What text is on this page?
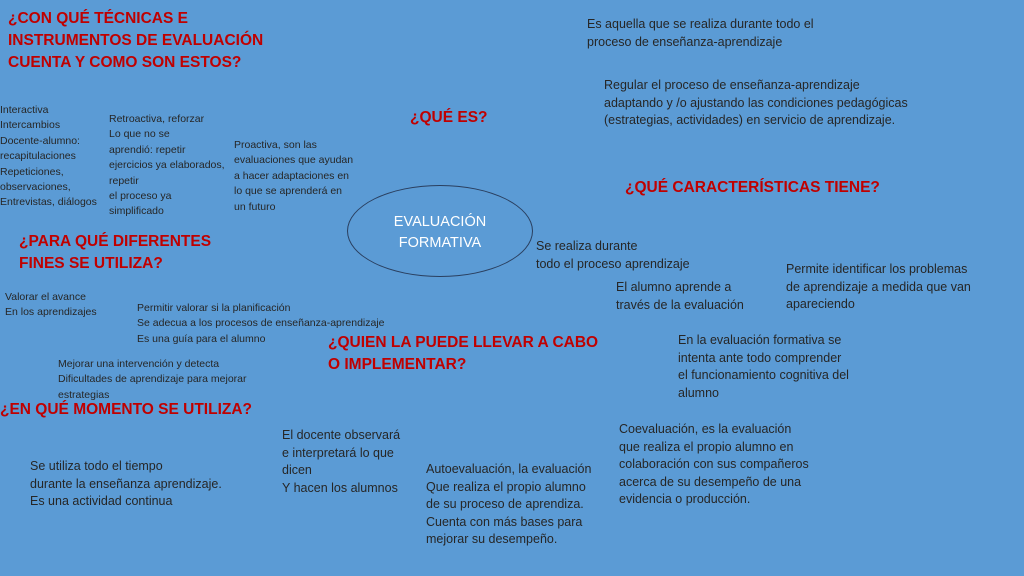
EVALUACIÓN
FORMATIVA
¿CON QUÉ TÉCNICAS E
INSTRUMENTOS DE EVALUACIÓN
CUENTA Y COMO SON ESTOS?
¿QUÉ ES?
¿QUÉ CARACTERÍSTICAS TIENE?
¿PARA QUÉ DIFERENTES
FINES SE UTILIZA?
¿QUIEN LA PUEDE LLEVAR A CABO
O IMPLEMENTAR?
¿EN QUÉ MOMENTO SE UTILIZA?
Interactiva
Intercambios
Docente-alumno:
recapitulaciones
Repeticiones,
observaciones,
Entrevistas, diálogos
Retroactiva, reforzar
Lo que no se
aprendió: repetir
ejercicios ya elaborados,
repetir
el proceso ya
simplificado
Proactiva, son las
evaluaciones que ayudan
a hacer adaptaciones en
lo que se aprenderá en
un futuro
Es aquella que se realiza durante todo el
proceso de enseñanza-aprendizaje
Regular el proceso de enseñanza-aprendizaje
adaptando y /o ajustando las condiciones pedagógicas
(estrategias, actividades) en servicio de aprendizaje.
Se realiza durante
todo el proceso aprendizaje
El alumno aprende a
través de la evaluación
Permite identificar los problemas
de aprendizaje a medida que van
apareciendo
En la evaluación formativa se
intenta ante todo comprender
el funcionamiento cognitiva del
alumno
Coevaluación, es la evaluación
que realiza el propio alumno en
colaboración con sus compañeros
acerca de su desempeño de una
evidencia o producción.
Autoevaluación, la evaluación
Que realiza el propio alumno
de su proceso de aprendiza.
Cuenta con más bases para
mejorar su desempeño.
El docente observará
e interpretará lo que
dicen
Y hacen los alumnos
Valorar el avance
En los aprendizajes	Permitir valorar si la planificación
Se adecua a los procesos de enseñanza-aprendizaje
Es una guía para el alumno
Mejorar una intervención y detecta
Dificultades de aprendizaje para mejorar
estrategias
Se utiliza todo el tiempo
durante la enseñanza aprendizaje.
Es una actividad continua
